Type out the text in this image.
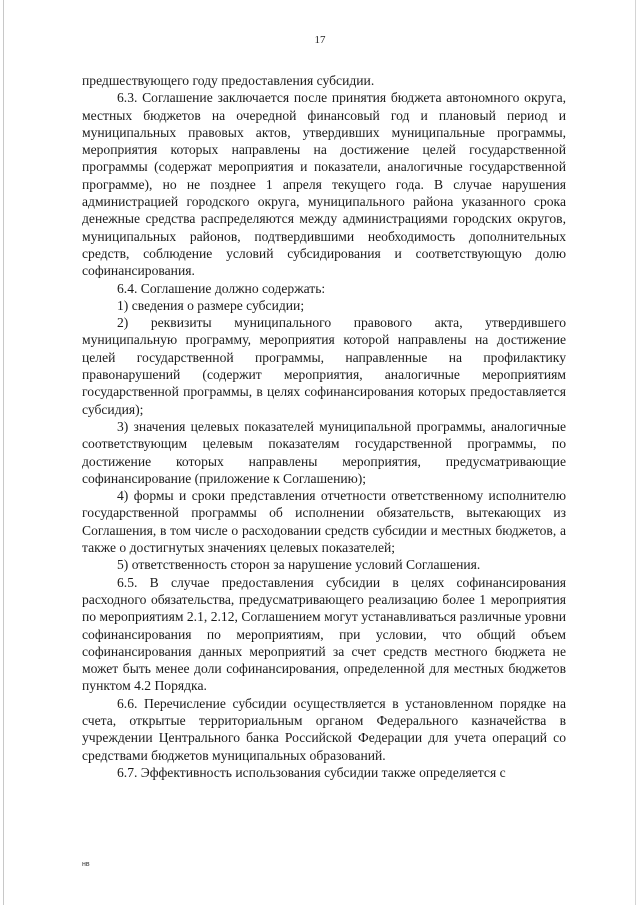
17

предшествующего году предоставления субсидии.

6.3. Соглашение заключается после принятия бюджета автономного округа, местных бюджетов на очередной финансовый год и плановый период и муниципальных правовых актов, утвердивших муниципальные программы, мероприятия которых направлены на достижение целей государственной программы (содержат мероприятия и показатели, аналогичные государственной программе), но не позднее 1 апреля текущего года. В случае нарушения администрацией городского округа, муниципального района указанного срока денежные средства распределяются между администрациями городских округов, муниципальных районов, подтвердившими необходимость дополнительных средств, соблюдение условий субсидирования и соответствующую долю софинансирования.

6.4. Соглашение должно содержать:

1) сведения о размере субсидии;

2) реквизиты муниципального правового акта, утвердившего муниципальную программу, мероприятия которой направлены на достижение целей государственной программы, направленные на профилактику правонарушений (содержит мероприятия, аналогичные мероприятиям государственной программы, в целях софинансирования которых предоставляется субсидия);

3) значения целевых показателей муниципальной программы, аналогичные соответствующим целевым показателям государственной программы, по достижение которых направлены мероприятия, предусматривающие софинансирование (приложение к Соглашению);

4) формы и сроки представления отчетности ответственному исполнителю государственной программы об исполнении обязательств, вытекающих из Соглашения, в том числе о расходовании средств субсидии и местных бюджетов, а также о достигнутых значениях целевых показателей;

5) ответственность сторон за нарушение условий Соглашения.

6.5. В случае предоставления субсидии в целях софинансирования расходного обязательства, предусматривающего реализацию более 1 мероприятия по мероприятиям 2.1, 2.12, Соглашением могут устанавливаться различные уровни софинансирования по мероприятиям, при условии, что общий объем софинансирования данных мероприятий за счет средств местного бюджета не может быть менее доли софинансирования, определенной для местных бюджетов пунктом 4.2 Порядка.

6.6. Перечисление субсидии осуществляется в установленном порядке на счета, открытые территориальным органом Федерального казначейства в учреждении Центрального банка Российской Федерации для учета операций со средствами бюджетов муниципальных образований.

6.7. Эффективность использования субсидии также определяется с

нв
